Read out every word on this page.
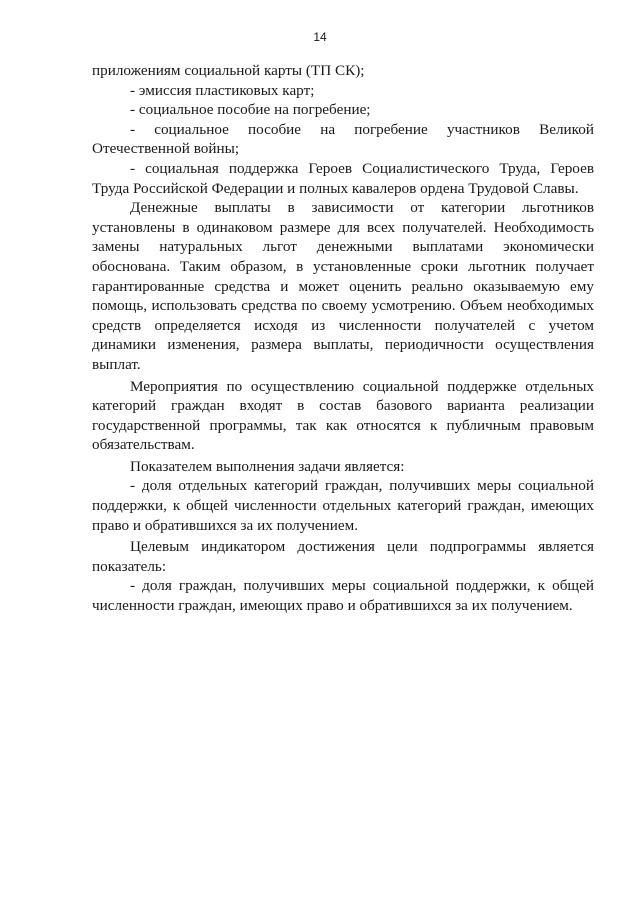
14

приложениям социальной карты (ТП СК);

- эмиссия пластиковых карт;

- социальное пособие на погребение;

- социальное пособие на погребение участников Великой Отечественной войны;

- социальная поддержка Героев Социалистического Труда, Героев Труда Российской Федерации и полных кавалеров ордена Трудовой Славы.

Денежные выплаты в зависимости от категории льготников установлены в одинаковом размере для всех получателей. Необходимость замены натуральных льгот денежными выплатами экономически обоснована. Таким образом, в установленные сроки льготник получает гарантированные средства и может оценить реально оказываемую ему помощь, использовать средства по своему усмотрению. Объем необходимых средств определяется исходя из численности получателей с учетом динамики изменения, размера выплаты, периодичности осуществления выплат.

Мероприятия по осуществлению социальной поддержке отдельных категорий граждан входят в состав базового варианта реализации государственной программы, так как относятся к публичным правовым обязательствам.

Показателем выполнения задачи является:

- доля отдельных категорий граждан, получивших меры социальной поддержки, к общей численности отдельных категорий граждан, имеющих право и обратившихся за их получением.

Целевым индикатором достижения цели подпрограммы является показатель:

- доля граждан, получивших меры социальной поддержки, к общей численности граждан, имеющих право и обратившихся за их получением.
